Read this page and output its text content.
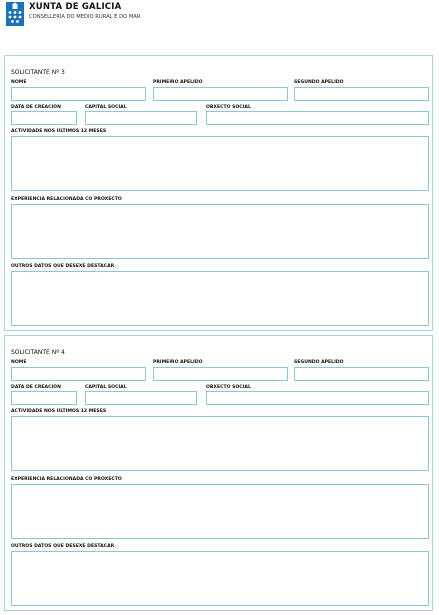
XUNTA DE GALICIA
CONSELLERÍA DO MEDIO RURAL E DO MAR
SOLICITANTE Nº 3
NOME	PRIMEIRO APELIDO	SEGUNDO APELIDO
DATA DE CREACIÓN	CAPITAL SOCIAL	OBXECTO SOCIAL
ACTIVIDADE NOS ÚLTIMOS 12 MESES
EXPERIENCIA RELACIONADA CO PROXECTO
OUTROS DATOS QUE DESEXE DESTACAR
SOLICITANTE Nº 4
NOME	PRIMEIRO APELIDO	SEGUNDO APELIDO
DATA DE CREACIÓN	CAPITAL SOCIAL	OBXECTO SOCIAL
ACTIVIDADE NOS ÚLTIMOS 12 MESES
EXPERIENCIA RELACIONADA CO PROXECTO
OUTROS DATOS QUE DESEXE DESTACAR
